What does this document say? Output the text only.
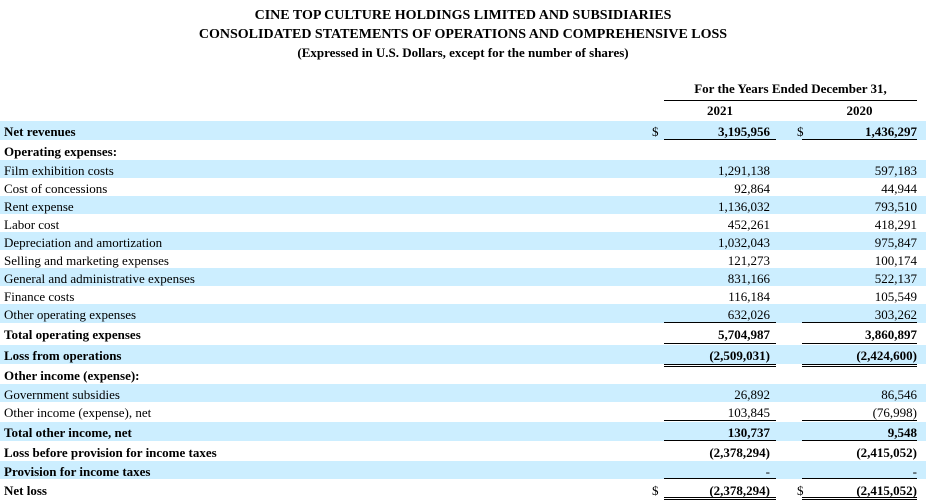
CINE TOP CULTURE HOLDINGS LIMITED AND SUBSIDIARIES
CONSOLIDATED STATEMENTS OF OPERATIONS AND COMPREHENSIVE LOSS
(Expressed in U.S. Dollars, except for the number of shares)
For the Years Ended December 31,
2021	2020
Net revenues	$	3,195,956 $	1,436,297
Operating expenses:
Film exhibition costs	1,291,138	597,183
Cost of concessions	92,864	44,944
Rent expense	1,136,032	793,510
Labor cost	452,261	418,291
Depreciation and amortization	1,032,043	975,847
Selling and marketing expenses	121,273	100,174
General and administrative expenses	831,166	522,137
Finance costs	116,184	105,549
Other operating expenses	632,026	303,262
Total operating expenses	5,704,987	3,860,897
Loss from operations	(2,509,031)	(2,424,600)
Other income (expense):
Government subsidies	26,892	86,546
Other income (expense), net	103,845	(76,998)
Total other income, net	130,737	9,548
Loss before provision for income taxes	(2,378,294)	(2,415,052)
Provision for income taxes	-	-
Net loss	$	(2,378,294) $	(2,415,052)
